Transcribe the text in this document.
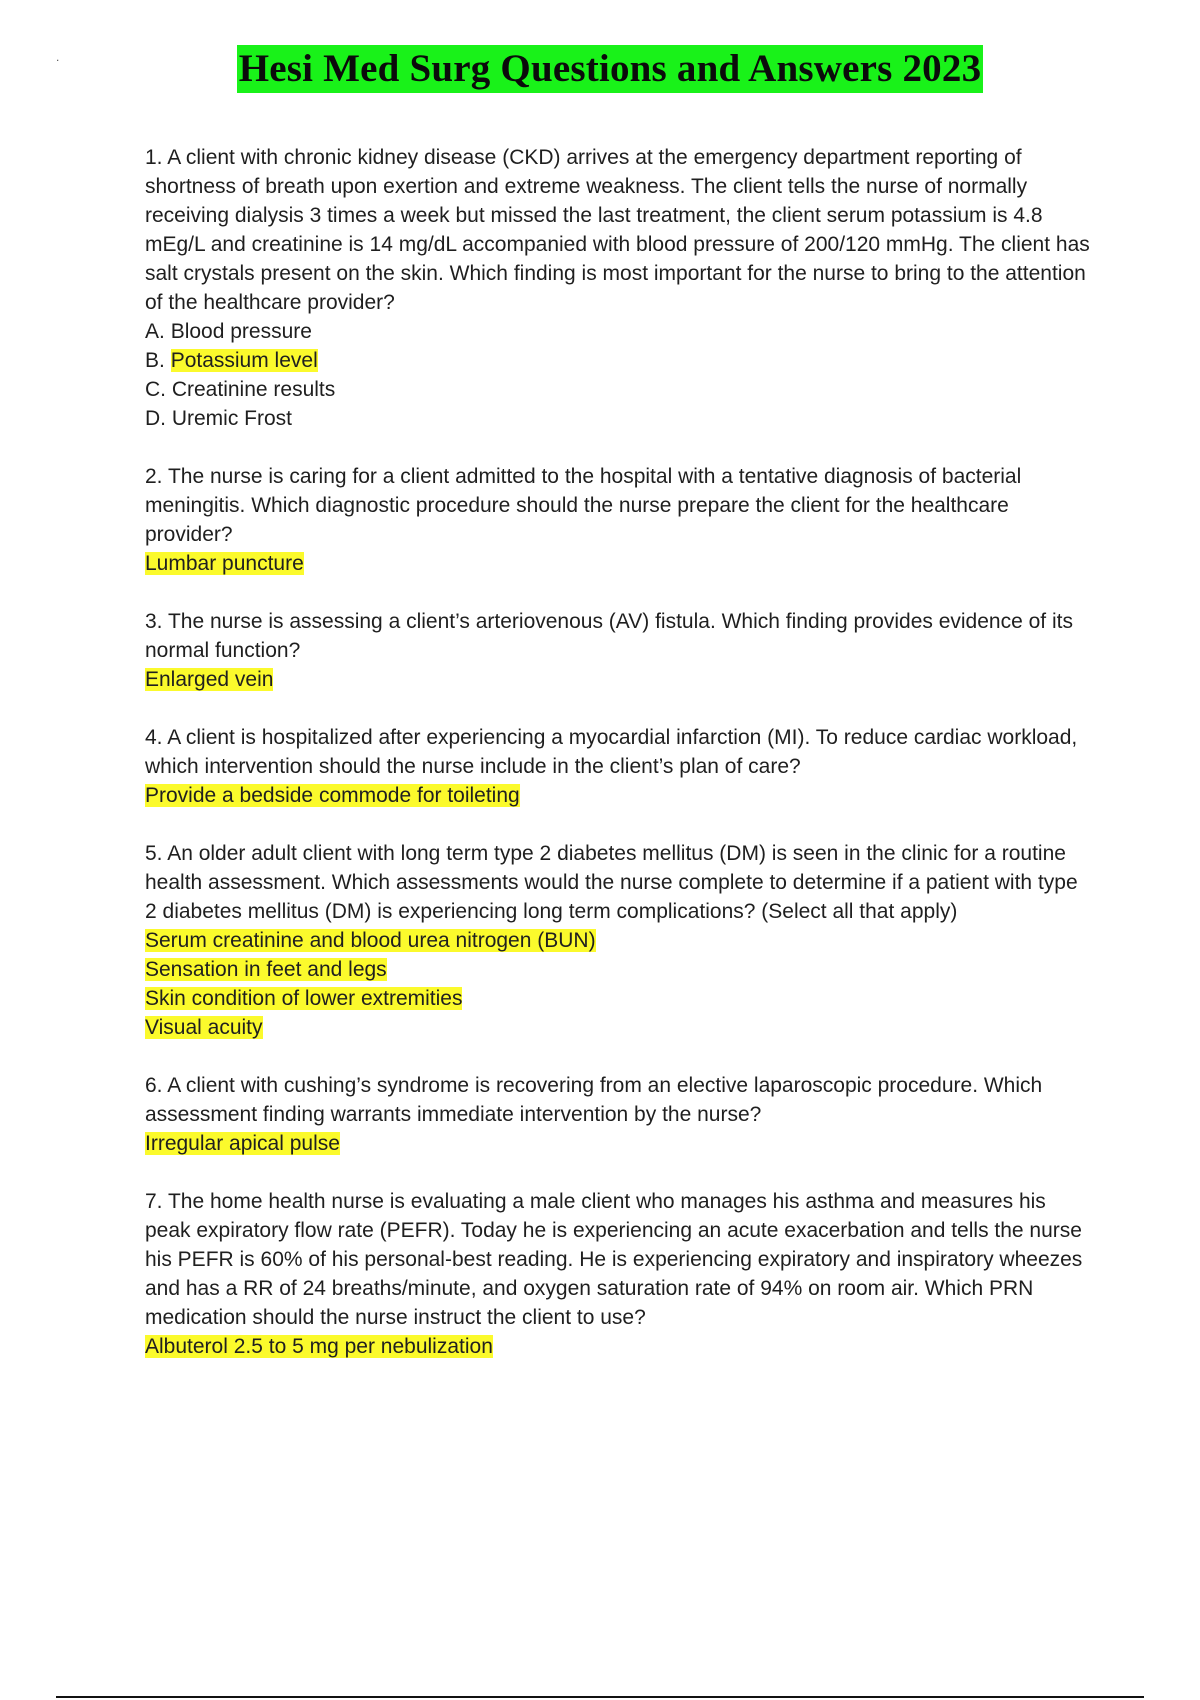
.	Hesi Med Surg Questions and Answers 2023

1. A client with chronic kidney disease (CKD) arrives at the emergency department reporting of shortness of breath upon exertion and extreme weakness. The client tells the nurse of normally receiving dialysis 3 times a week but missed the last treatment, the client serum potassium is 4.8 mEg/L and creatinine is 14 mg/dL accompanied with blood pressure of 200/120 mmHg. The client has salt crystals present on the skin. Which finding is most important for the nurse to bring to the attention of the healthcare provider?

A. Blood pressure
B. Potassium level
C. Creatinine results
D. Uremic Frost

2. The nurse is caring for a client admitted to the hospital with a tentative diagnosis of bacterial meningitis. Which diagnostic procedure should the nurse prepare the client for the healthcare provider?

Lumbar puncture

3. The nurse is assessing a client’s arteriovenous (AV) fistula. Which finding provides evidence of its normal function?

Enlarged vein

4. A client is hospitalized after experiencing a myocardial infarction (MI). To reduce cardiac workload, which intervention should the nurse include in the client’s plan of care?

Provide a bedside commode for toileting

5. An older adult client with long term type 2 diabetes mellitus (DM) is seen in the clinic for a routine health assessment. Which assessments would the nurse complete to determine if a patient with type 2 diabetes mellitus (DM) is experiencing long term complications? (Select all that apply)

Serum creatinine and blood urea nitrogen (BUN)
Sensation in feet and legs
Skin condition of lower extremities
Visual acuity

6. A client with cushing’s syndrome is recovering from an elective laparoscopic procedure. Which assessment finding warrants immediate intervention by the nurse?

Irregular apical pulse

7. The home health nurse is evaluating a male client who manages his asthma and measures his peak expiratory flow rate (PEFR). Today he is experiencing an acute exacerbation and tells the nurse his PEFR is 60% of his personal-best reading. He is experiencing expiratory and inspiratory wheezes and has a RR of 24 breaths/minute, and oxygen saturation rate of 94% on room air. Which PRN medication should the nurse instruct the client to use?

Albuterol 2.5 to 5 mg per nebulization
